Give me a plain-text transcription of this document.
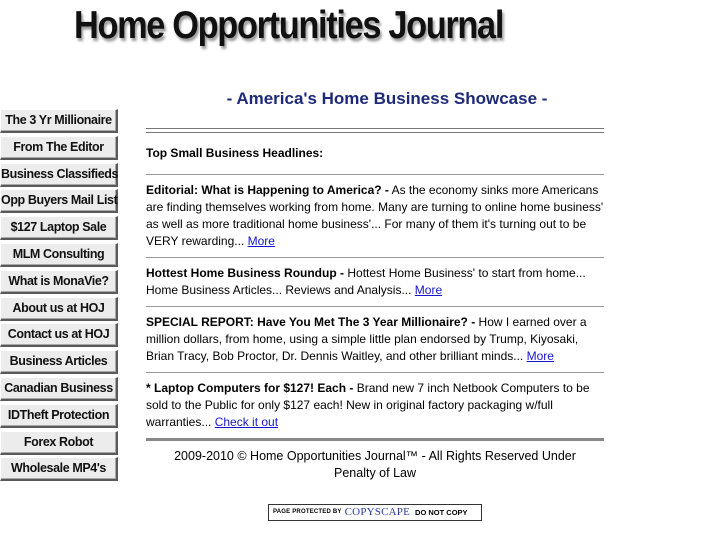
Home Opportunities Journal
The 3 Yr Millionaire
From The Editor
Business Classifieds
Opp Buyers Mail List
$127 Laptop Sale
MLM Consulting
What is MonaVie?
About us at HOJ
Contact us at HOJ
Business Articles
Canadian Business
IDTheft Protection
Forex Robot
Wholesale MP4's
- America's Home Business Showcase -
Top Small Business Headlines:
Editorial: What is Happening to America? - As the economy sinks more Americans are finding themselves working from home. Many are turning to online home business' as well as more traditional home business'... For many of them it's turning out to be VERY rewarding... More
Hottest Home Business Roundup - Hottest Home Business' to start from home... Home Business Articles... Reviews and Analysis... More
SPECIAL REPORT: Have You Met The 3 Year Millionaire? - How I earned over a million dollars, from home, using a simple little plan endorsed by Trump, Kiyosaki, Brian Tracy, Bob Proctor, Dr. Dennis Waitley, and other brilliant minds... More
* Laptop Computers for $127! Each - Brand new 7 inch Netbook Computers to be sold to the Public for only $127 each! New in original factory packaging w/full warranties... Check it out
2009-2010 © Home Opportunities Journal™ - All Rights Reserved Under Penalty of Law
PAGE PROTECTED BY COPYSCAPE DO NOT COPY
